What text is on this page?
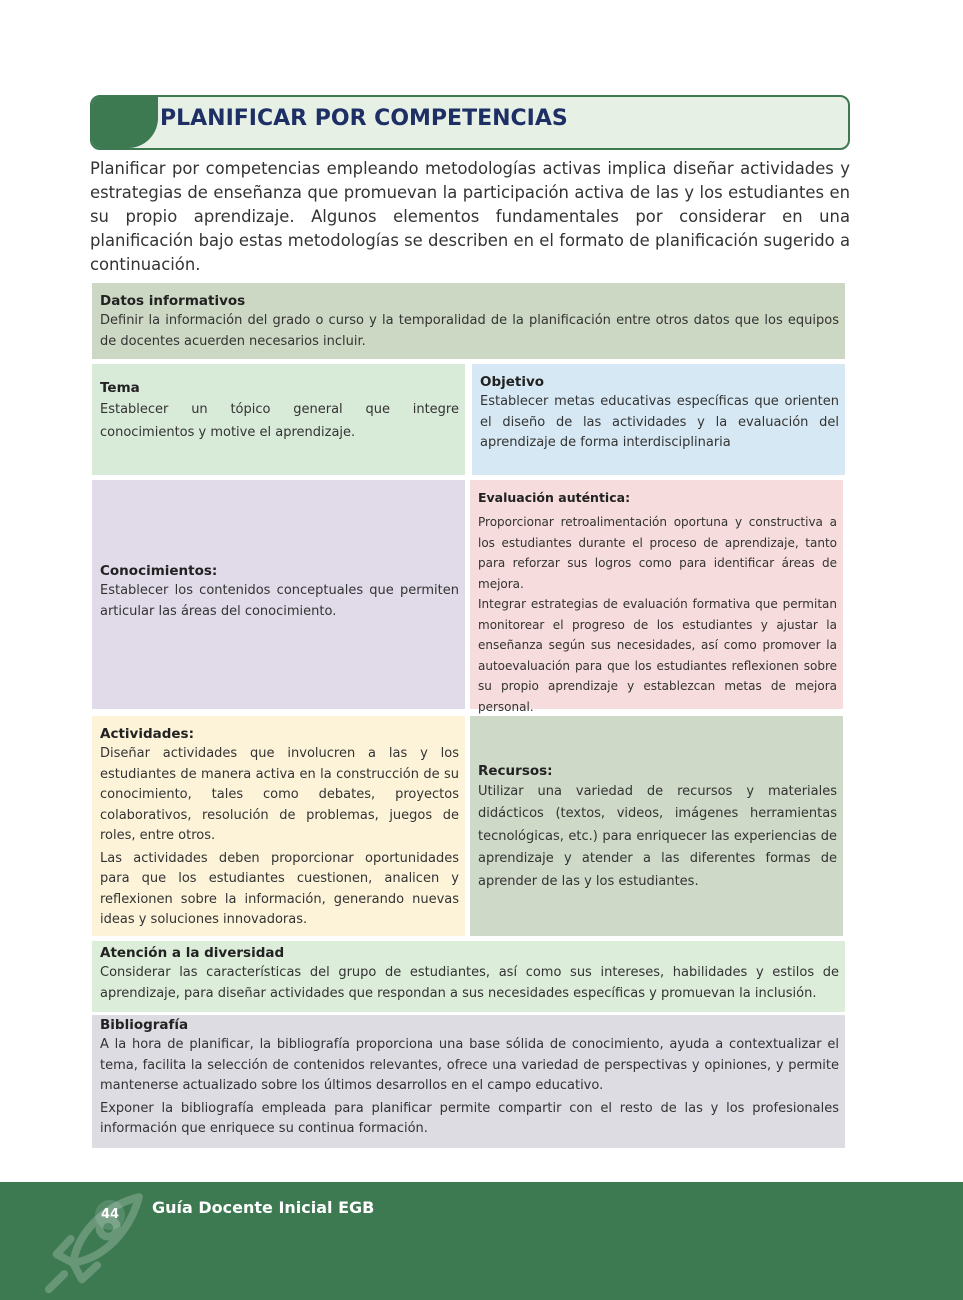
PLANIFICAR POR COMPETENCIAS

Planificar por competencias empleando metodologías activas implica diseñar actividades y estrategias de enseñanza que promuevan la participación activa de las y los estudiantes en su propio aprendizaje. Algunos elementos fundamentales por considerar en una planificación bajo estas metodologías se describen en el formato de planificación sugerido a continuación.

Datos informativos

Definir la información del grado o curso y la temporalidad de la planificación entre otros datos que los equipos de docentes acuerden necesarios incluir.

Tema

Establecer un tópico general que integre conocimientos y motive el aprendizaje.

Objetivo

Establecer metas educativas específicas que orienten el diseño de las actividades y la evaluación del aprendizaje de forma interdisciplinaria

Conocimientos:

Establecer los contenidos conceptuales que permiten articular las áreas del conocimiento.

Evaluación auténtica:

Proporcionar retroalimentación oportuna y constructiva a los estudiantes durante el proceso de aprendizaje, tanto para reforzar sus logros como para identificar áreas de mejora.

Integrar estrategias de evaluación formativa que permitan monitorear el progreso de los estudiantes y ajustar la enseñanza según sus necesidades, así como promover la autoevaluación para que los estudiantes reflexionen sobre su propio aprendizaje y establezcan metas de mejora personal.

Actividades:

Diseñar actividades que involucren a las y los estudiantes de manera activa en la construcción de su conocimiento, tales como debates, proyectos colaborativos, resolución de problemas, juegos de roles, entre otros.

Las actividades deben proporcionar oportunidades para que los estudiantes cuestionen, analicen y reflexionen sobre la información, generando nuevas ideas y soluciones innovadoras.

Recursos:

Utilizar una variedad de recursos y materiales didácticos (textos, videos, imágenes herramientas tecnológicas, etc.) para enriquecer las experiencias de aprendizaje y atender a las diferentes formas de aprender de las y los estudiantes.

Atención a la diversidad

Considerar las características del grupo de estudiantes, así como sus intereses, habilidades y estilos de aprendizaje, para diseñar actividades que respondan a sus necesidades específicas y promuevan la inclusión.

Bibliografía

A la hora de planificar, la bibliografía proporciona una base sólida de conocimiento, ayuda a contextualizar el tema, facilita la selección de contenidos relevantes, ofrece una variedad de perspectivas y opiniones, y permite mantenerse actualizado sobre los últimos desarrollos en el campo educativo.

Exponer la bibliografía empleada para planificar permite compartir con el resto de las y los profesionales información que enriquece su continua formación.

44	Guía Docente Inicial EGB
